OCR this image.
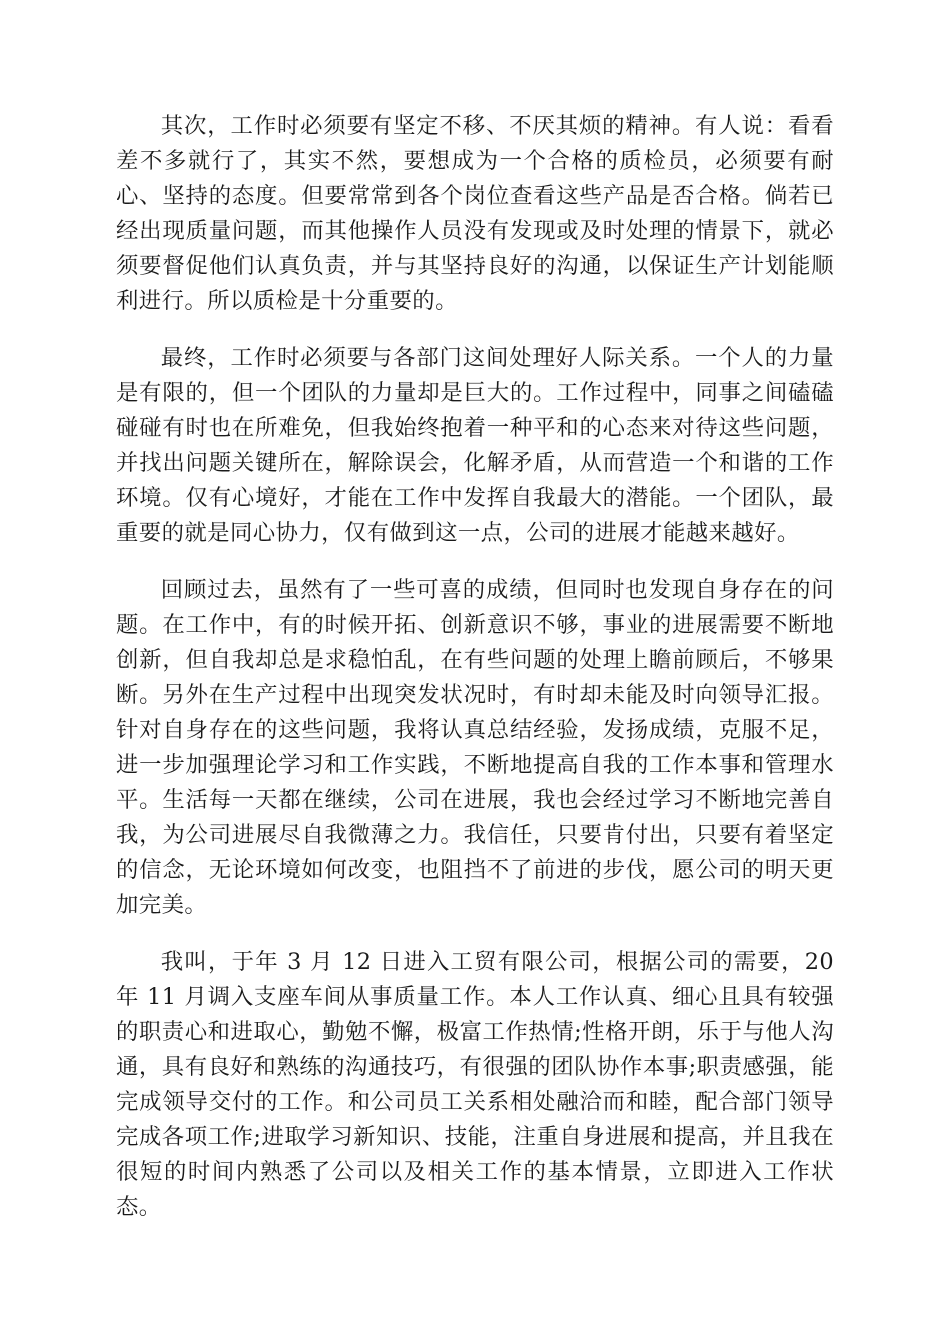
其次，工作时必须要有坚定不移、不厌其烦的精神。有人说：看看差不多就行了，其实不然，要想成为一个合格的质检员，必须要有耐心、坚持的态度。但要常常到各个岗位查看这些产品是否合格。倘若已经出现质量问题，而其他操作人员没有发现或及时处理的情景下，就必须要督促他们认真负责，并与其坚持良好的沟通，以保证生产计划能顺利进行。所以质检是十分重要的。

最终，工作时必须要与各部门这间处理好人际关系。一个人的力量是有限的，但一个团队的力量却是巨大的。工作过程中，同事之间磕磕碰碰有时也在所难免，但我始终抱着一种平和的心态来对待这些问题，并找出问题关键所在，解除误会，化解矛盾，从而营造一个和谐的工作环境。仅有心境好，才能在工作中发挥自我最大的潜能。一个团队，最重要的就是同心协力，仅有做到这一点，公司的进展才能越来越好。

回顾过去，虽然有了一些可喜的成绩，但同时也发现自身存在的问题。在工作中，有的时候开拓、创新意识不够，事业的进展需要不断地创新，但自我却总是求稳怕乱，在有些问题的处理上瞻前顾后，不够果断。另外在生产过程中出现突发状况时，有时却未能及时向领导汇报。针对自身存在的这些问题，我将认真总结经验，发扬成绩，克服不足，进一步加强理论学习和工作实践，不断地提高自我的工作本事和管理水平。生活每一天都在继续，公司在进展，我也会经过学习不断地完善自我，为公司进展尽自我微薄之力。我信任，只要肯付出，只要有着坚定的信念，无论环境如何改变，也阻挡不了前进的步伐，愿公司的明天更加完美。

我叫，于年 3 月 12 日进入工贸有限公司，根据公司的需要，20 年 11 月调入支座车间从事质量工作。本人工作认真、细心且具有较强的职责心和进取心，勤勉不懈，极富工作热情;性格开朗，乐于与他人沟通，具有良好和熟练的沟通技巧，有很强的团队协作本事;职责感强，能完成领导交付的工作。和公司员工关系相处融洽而和睦，配合部门领导完成各项工作;进取学习新知识、技能，注重自身进展和提高，并且我在很短的时间内熟悉了公司以及相关工作的基本情景，立即进入工作状态。
